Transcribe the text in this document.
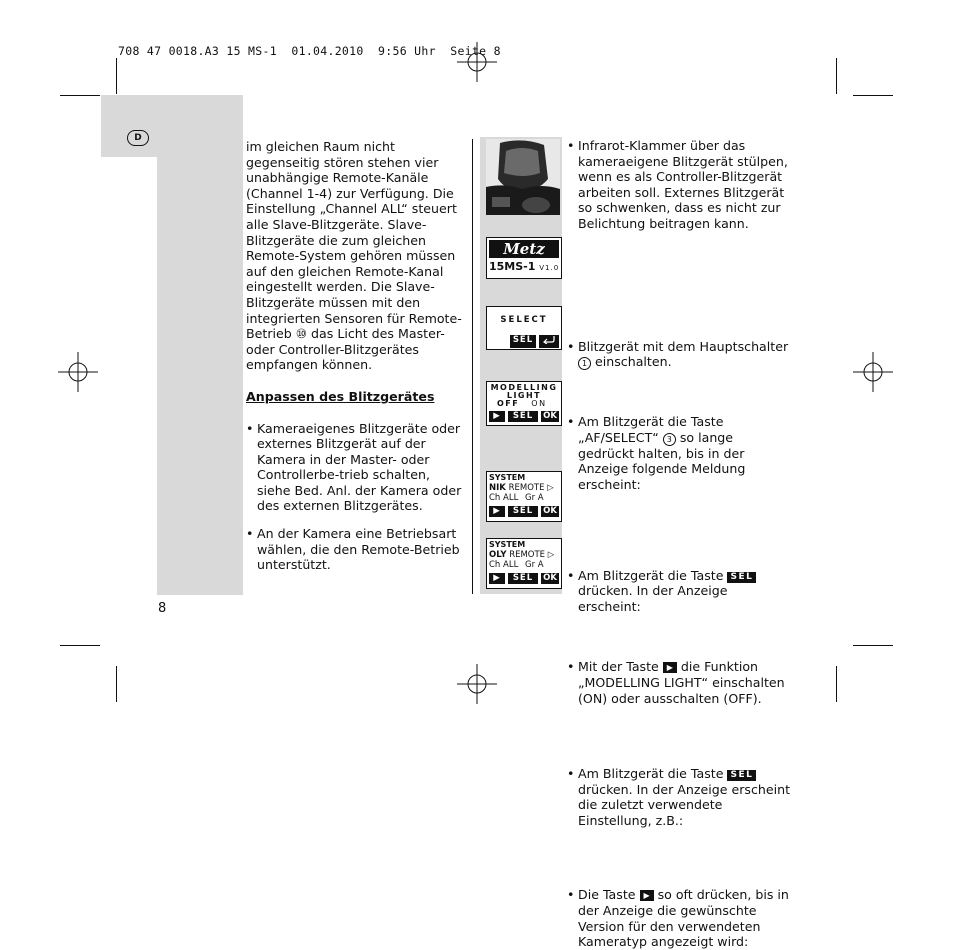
708 47 0018.A3 15 MS-1  01.04.2010  9:56 Uhr  Seite 8
D
8

im gleichen Raum nicht gegenseitig stören stehen vier unabhängige Remote-Kanäle (Channel 1-4) zur Verfügung. Die Einstellung „Channel ALL“ steuert alle Slave-Blitzgeräte. Slave-Blitzgeräte die zum gleichen Remote-System gehören müssen auf den gleichen Remote-Kanal eingestellt werden. Die Slave-Blitzgeräte müssen mit den integrierten Sensoren für Remote-Betrieb ⑩ das Licht des Master- oder Controller-Blitzgerätes empfangen können.

Anpassen des Blitzgerätes

• Kameraeigenes Blitzgeräte oder externes Blitzgerät auf der Kamera in der Master- oder Controllerbe-trieb schalten, siehe Bed. Anl. der Kamera oder des externen Blitzgerätes.

• An der Kamera eine Betriebsart wählen, die den Remote-Betrieb unterstützt.

Metz
15MS-1 V1.0
SELECT
SEL
MODELLING
LIGHT
OFF ON
▶	SEL	OK
SYSTEM
NIK REMOTE ▷
Ch ALL Gr A
▶	SEL	OK
SYSTEM
OLY REMOTE ▷
Ch ALL Gr A
▶	SEL	OK
• Infrarot-Klammer über das kameraeigene Blitzgerät stülpen, wenn es als Controller-Blitzgerät arbeiten soll. Externes Blitzgerät so schwenken, dass es nicht zur Belichtung beitragen kann.
• Blitzgerät mit dem Hauptschalter 1 einschalten.
• Am Blitzgerät die Taste „AF/SELECT“ 3 so lange gedrückt halten, bis in der Anzeige folgende Meldung erscheint:
• Am Blitzgerät die Taste SEL drücken. In der Anzeige erscheint:
• Mit der Taste ▶ die Funktion „MODELLING LIGHT“ einschalten (ON) oder ausschalten (OFF).
• Am Blitzgerät die Taste SEL drücken. In der Anzeige erscheint die zuletzt verwendete Einstellung, z.B.:
• Die Taste ▶ so oft drücken, bis in der Anzeige die gewünschte Version für den verwendeten Kameratyp angezeigt wird:
